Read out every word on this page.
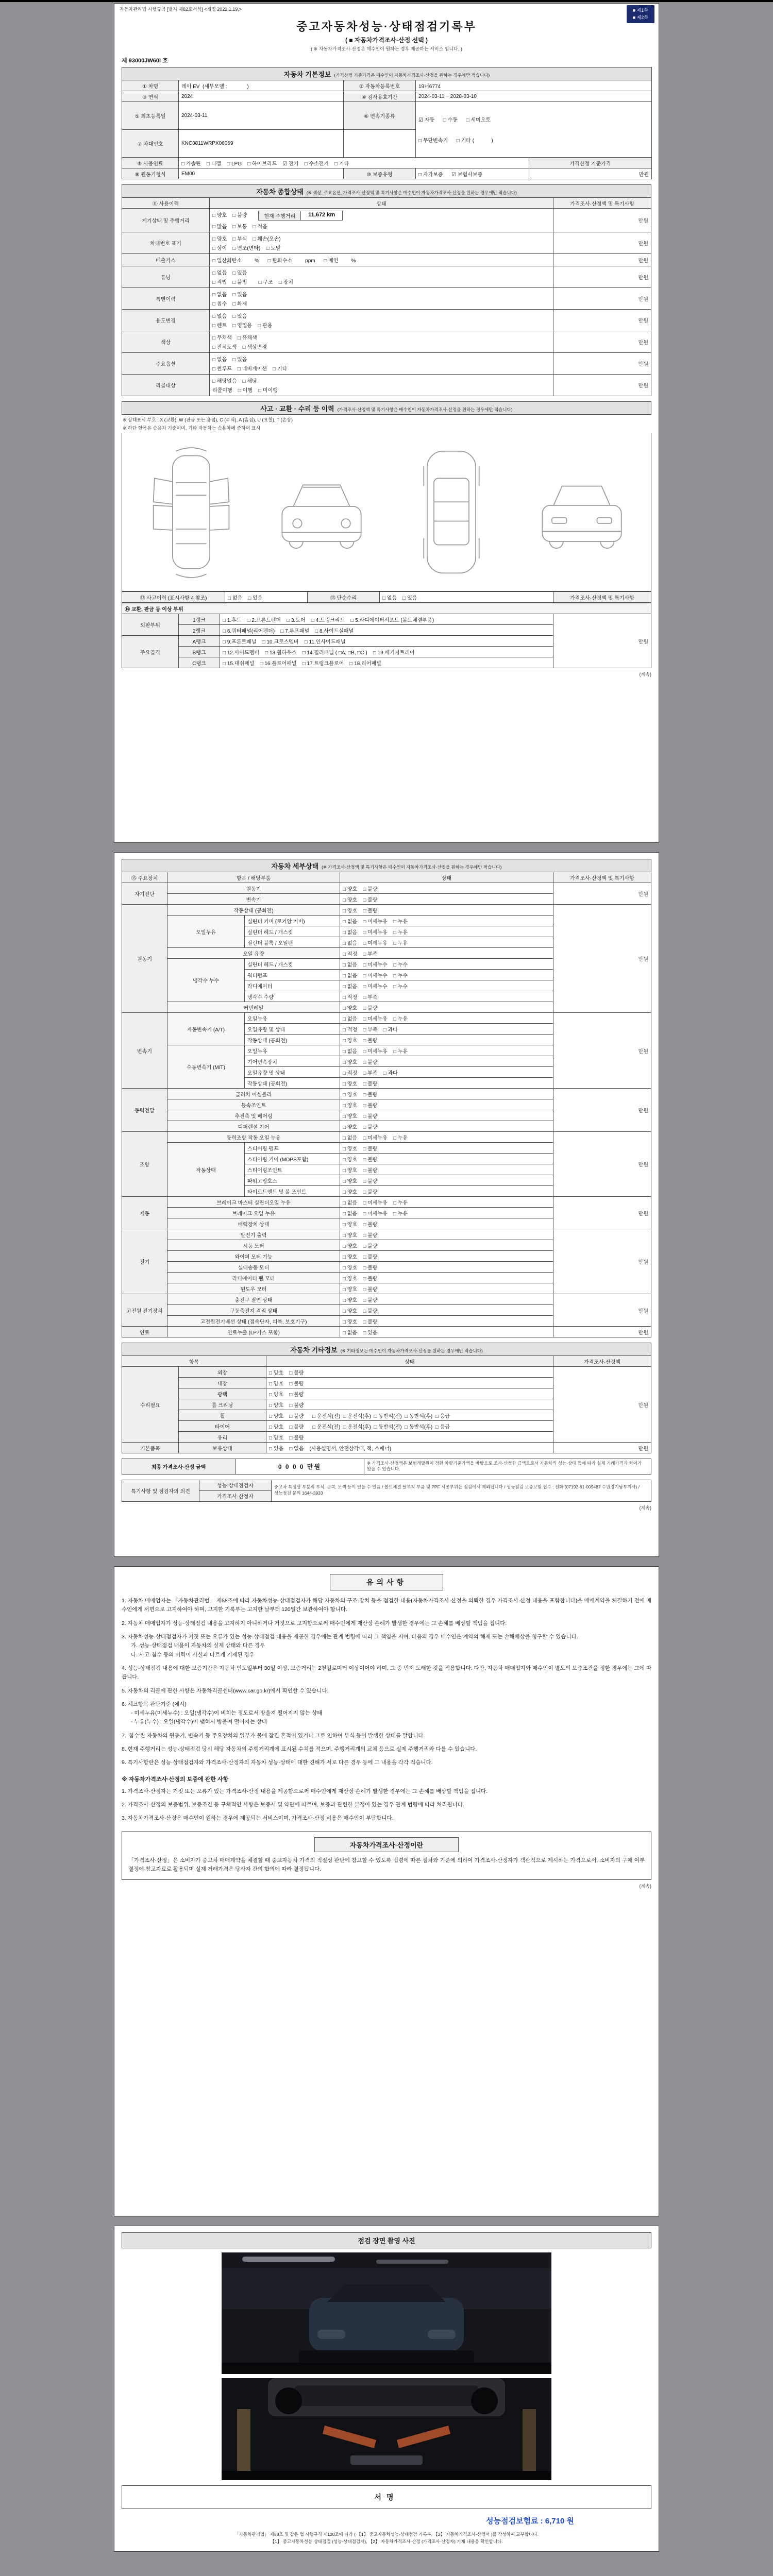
자동차관리법 시행규칙 [별지 제82호서식] <개정 2021.1.19.>	■ 제1쪽
■ 제2쪽
중고자동차성능·상태점검기록부
( ■ 자동차가격조사·산정 선택 )
( ※ 자동차가격조사·산정은 매수인이 원하는 경우 제공하는 서비스 입니다. )
제 93000JW60I 호
자동차 기본정보 (가격산정 기준가격은 매수인이 자동차가격조사·산정을 원하는 경우에만 적습니다)				
① 차명	레이 EV  (세부모델 :              )	② 자동차등록번호	19너6774	
③ 연식	2024	④ 검사유효기간	2024-03-11 ~ 2028-03-10	
⑤ 최초등록일	2024-03-11	⑥ 변속기종류	☑ 자동      □ 수동      □ 세미오토

□ 무단변속기      □ 기타 (            )	

⑦ 차대번호	KNC0811WRPX06069			
⑧ 사용연료	□ 가솔린    □ 디젤    □ LPG    □ 하이브리드    ☑ 전기    □ 수소전기    □ 기타			가격산정 기준가격
⑨ 원동기형식	EM00	⑩ 보증유형	□ 자가보증      ☑ 보험사보증	만원
자동차 종합상태 (※ 색상, 주요옵션, 가격조사·산정액 및 특기사항은 매수인이 자동차가격조사·산정을 원하는 경우에만 적습니다)		
⑪ 사용이력	상태	가격조사·산정액 및 특기사항
계기상태 및 주행거리	□ 양호    □ 불량 현재 주행거리 11,672 km
□ 많음    □ 보통    □ 적음	만원
차대번호 표기	□ 양호    □ 부식    □ 훼손(오손)
□ 상이    □ 변조(변타)    □ 도말	만원
배출가스	□ 일산화탄소         %      □ 탄화수소         ppm      □ 매연         %	만원
튜닝	□ 없음    □ 있음
□ 적법    □ 불법        □ 구조    □ 장치	만원
특별이력	□ 없음    □ 있음
□ 침수    □ 화재	만원
용도변경	□ 없음    □ 있음
□ 렌트    □ 영업용    □ 관용	만원
색상	□ 무채색    □ 유채색
□ 전체도색    □ 색상변경	만원
주요옵션	□ 없음    □ 있음
□ 썬루프    □ 네비게이션    □ 기타	만원
리콜대상	□ 해당없음    □ 해당
리콜이행    □ 이행    □ 미이행	만원
사고 · 교환 · 수리 등 이력 (가격조사·산정액 및 특기사항은 매수인이 자동차가격조사·산정을 원하는 경우에만 적습니다)
※ 상태표시 부호 : X (교환), W (판금 또는 용접), C (부식), A (흠집), U (요철), T (손상)
※ 하단 항목은 승용차 기준이며, 기타 자동차는 승용차에 준하여 표시
⑫ 사고이력 (표시사항 4 참조)	□ 없음    □ 있음	⑬ 단순수리	□ 없음    □ 있음	가격조사·산정액 및 특기사항
⑭ 교환, 판금 등 이상 부위			
외판부위	1랭크	□ 1.후드    □ 2.프론트펜더    □ 3.도어    □ 4.트렁크리드    □ 5.라디에이터서포트 (볼트체결부품)	만원
	2랭크	□ 6.쿼터패널(리어펜더)    □ 7.루프패널    □ 8.사이드실패널	
주요골격	A랭크	□ 9.프론트패널    □ 10.크로스멤버    □ 11.인사이드패널	
	B랭크	□ 12.사이드멤버    □ 13.휠하우스    □ 14.필러패널 ( □A, □B, □C )    □ 19.패키지트레이	
	C랭크	□ 15.대쉬패널    □ 16.플로어패널    □ 17.트렁크플로어    □ 18.리어패널	
(계속)
자동차 세부상태 (※ 가격조사·산정액 및 특기사항은 매수인이 자동차가격조사·산정을 원하는 경우에만 적습니다)				
⑮ 주요장치	항목 / 해당부품		상태	가격조사·산정액 및 특기사항
자기진단	원동기		□ 양호    □ 불량	만원
	변속기		□ 양호    □ 불량	
원동기	작동상태 (공회전)		□ 양호    □ 불량	만원
	오일누유	실린더 커버 (로커암 커버)	□ 없음    □ 미세누유    □ 누유	
		실린더 헤드 / 개스킷	□ 없음    □ 미세누유    □ 누유	
		실린더 블록 / 오일팬	□ 없음    □ 미세누유    □ 누유	
	오일 유량		□ 적정    □ 부족	
	냉각수 누수	실린더 헤드 / 개스킷	□ 없음    □ 미세누수    □ 누수	
		워터펌프	□ 없음    □ 미세누수    □ 누수	
		라디에이터	□ 없음    □ 미세누수    □ 누수	
		냉각수 수량	□ 적정    □ 부족	
	커먼레일		□ 양호    □ 불량	
변속기	자동변속기 (A/T)	오일누유	□ 없음    □ 미세누유    □ 누유	만원
		오일유량 및 상태	□ 적정    □ 부족    □ 과다	
		작동상태 (공회전)	□ 양호    □ 불량	
	수동변속기 (M/T)	오일누유	□ 없음    □ 미세누유    □ 누유	
		기어변속장치	□ 양호    □ 불량	
		오일유량 및 상태	□ 적정    □ 부족    □ 과다	
		작동상태 (공회전)	□ 양호    □ 불량	
동력전달	클러치 어셈블리		□ 양호    □ 불량	만원
	등속조인트		□ 양호    □ 불량	
	추진축 및 베어링		□ 양호    □ 불량	
	디퍼렌셜 기어		□ 양호    □ 불량	
조향	동력조향 작동 오일 누유		□ 없음    □ 미세누유    □ 누유	만원
	작동상태	스티어링 펌프	□ 양호    □ 불량	
		스티어링 기어 (MDPS포함)	□ 양호    □ 불량	
		스티어링조인트	□ 양호    □ 불량	
		파워고압호스	□ 양호    □ 불량	
		타이로드엔드 및 볼 조인트	□ 양호    □ 불량	
제동	브레이크 마스터 실린더오일 누유		□ 없음    □ 미세누유    □ 누유	만원
	브레이크 오일 누유		□ 없음    □ 미세누유    □ 누유	
	배력장치 상태		□ 양호    □ 불량	
전기	발전기 출력		□ 양호    □ 불량	만원
	시동 모터		□ 양호    □ 불량	
	와이퍼 모터 기능		□ 양호    □ 불량	
	실내송풍 모터		□ 양호    □ 불량	
	라디에이터 팬 모터		□ 양호    □ 불량	
	윈도우 모터		□ 양호    □ 불량	
고전원 전기장치	충전구 절연 상태		□ 양호    □ 불량	만원
	구동축전지 격리 상태		□ 양호    □ 불량	
	고전원전기배선 상태 (접속단자, 피복, 보호기구)		□ 양호    □ 불량	
연료	연료누출 (LP가스 포함)		□ 없음    □ 있음	만원
자동차 기타정보 (※ 기타정보는 매수인이 자동차가격조사·산정을 원하는 경우에만 적습니다)			
항목		상태	가격조사·산정액
수리필요	외장	□ 양호    □ 불량	만원
	내장	□ 양호    □ 불량	
	광택	□ 양호    □ 불량	
	룸 크리닝	□ 양호    □ 불량	
	휠	□ 양호    □ 불량      □ 운전석(전)  □ 운전석(후)  □ 동반석(전)  □ 동반석(후)  □ 응급	
	타이어	□ 양호    □ 불량      □ 운전석(전)  □ 운전석(후)  □ 동반석(전)  □ 동반석(후)  □ 응급	
	유리	□ 양호    □ 불량	
기본품목	보유상태	□ 있음    □ 없음    (사용설명서, 안전삼각대, 잭, 스패너)	만원
최종 가격조사·산정 금액	0 0 0 0 만원	※ 가격조사·산정액은 보험개발원이 정한 차량기준가액을 바탕으로 조사·산정한 금액으로서 자동차의 성능·상태 등에 따라 실제 거래가격과 차이가 있을 수 있습니다.
특기사항 및 점검자의 의견	성능·상태점검자	중고차 특성상 부분적 부식, 문콕, 도색 등이 있을 수 있음 / 볼트체결 탈부착 부품 및 PPF 시공부위는 점검에서 제외됩니다 / 성능점검 보증보험 접수 : 전화 (07192-61-009487 수원경기남부지사) / 성능점검 문의 1644-3933
가격조사·산정자
(계속)
유의사항
1. 자동차 매매업자는 「자동차관리법」 제58조에 따라 자동차성능·상태점검자가 해당 자동차의 구조·장치 등을 점검한 내용(자동차가격조사·산정을 의뢰한 경우 가격조사·산정 내용을 포함합니다)을 매매계약을 체결하기 전에 매수인에게 서면으로 고지하여야 하며, 고지한 기록부는 고지한 날부터 120일간 보관하여야 합니다.
2. 자동차 매매업자가 성능·상태점검 내용을 고지하지 아니하거나 거짓으로 고지함으로써 매수인에게 재산상 손해가 발생한 경우에는 그 손해를 배상할 책임을 집니다.
3. 자동차성능·상태점검자가 거짓 또는 오류가 있는 성능·상태점검 내용을 제공한 경우에는 관계 법령에 따라 그 책임을 지며, 다음의 경우 매수인은 계약의 해제 또는 손해배상을 청구할 수 있습니다.
가. 성능·상태점검 내용이 자동차의 실제 상태와 다른 경우
나. 사고·침수 등의 이력이 사실과 다르게 기재된 경우
4. 성능·상태점검 내용에 대한 보증기간은 자동차 인도일부터 30일 이상, 보증거리는 2천킬로미터 이상이어야 하며, 그 중 먼저 도래한 것을 적용합니다. 다만, 자동차 매매업자와 매수인이 별도의 보증조건을 정한 경우에는 그에 따릅니다.
5. 자동차의 리콜에 관한 사항은 자동차리콜센터(www.car.go.kr)에서 확인할 수 있습니다.
6. 체크항목 판단기준 (예시)
- 미세누유(미세누수) : 오일(냉각수)이 비치는 정도로서 방울져 떨어지지 않는 상태
- 누유(누수) : 오일(냉각수)이 맺혀서 방울져 떨어지는 상태
7. '침수'란 자동차의 원동기, 변속기 등 주요장치의 일부가 물에 잠긴 흔적이 있거나 그로 인하여 부식 등이 발생한 상태를 말합니다.
8. 현재 주행거리는 성능·상태점검 당시 해당 자동차의 주행거리계에 표시된 수치를 적으며, 주행거리계의 교체 등으로 실제 주행거리와 다를 수 있습니다.
9. 특기사항란은 성능·상태점검자와 가격조사·산정자의 자동차 성능·상태에 대한 견해가 서로 다른 경우 등에 그 내용을 각각 적습니다.
※ 자동차가격조사·산정의 보증에 관한 사항
1. 가격조사·산정자는 거짓 또는 오류가 있는 가격조사·산정 내용을 제공함으로써 매수인에게 재산상 손해가 발생한 경우에는 그 손해를 배상할 책임을 집니다.
2. 가격조사·산정의 보증범위, 보증조건 등 구체적인 사항은 보증서 및 약관에 따르며, 보증과 관련한 분쟁이 있는 경우 관계 법령에 따라 처리됩니다.
3. 자동차가격조사·산정은 매수인이 원하는 경우에 제공되는 서비스이며, 가격조사·산정 비용은 매수인이 부담합니다.
자동차가격조사·산정이란
「가격조사·산정」은 소비자가 중고차 매매계약을 체결할 때 중고자동차 가격의 적절성 판단에 참고할 수 있도록 법령에 따른 절차와 기준에 의하여 가격조사·산정자가 객관적으로 제시하는 가격으로서, 소비자의 구매 여부 결정에 참고자료로 활용되며 실제 거래가격은 당사자 간의 합의에 따라 결정됩니다.
(계속)
점검 장면 촬영 사진
서명
성능점검보험료 : 6,710 원
「자동차관리법」 제58조 및 같은 법 시행규칙 제120조에 따라 ( 【1】 중고자동차성능·상태점검 기록부, 【2】 자동차가격조사·산정서 )를 작성하여 교부합니다.
【1】 중고자동차성능·상태점검 (성능·상태점검자), 【2】 자동차가격조사·산정 (가격조사·산정자) 기재 내용을 확인합니다.
